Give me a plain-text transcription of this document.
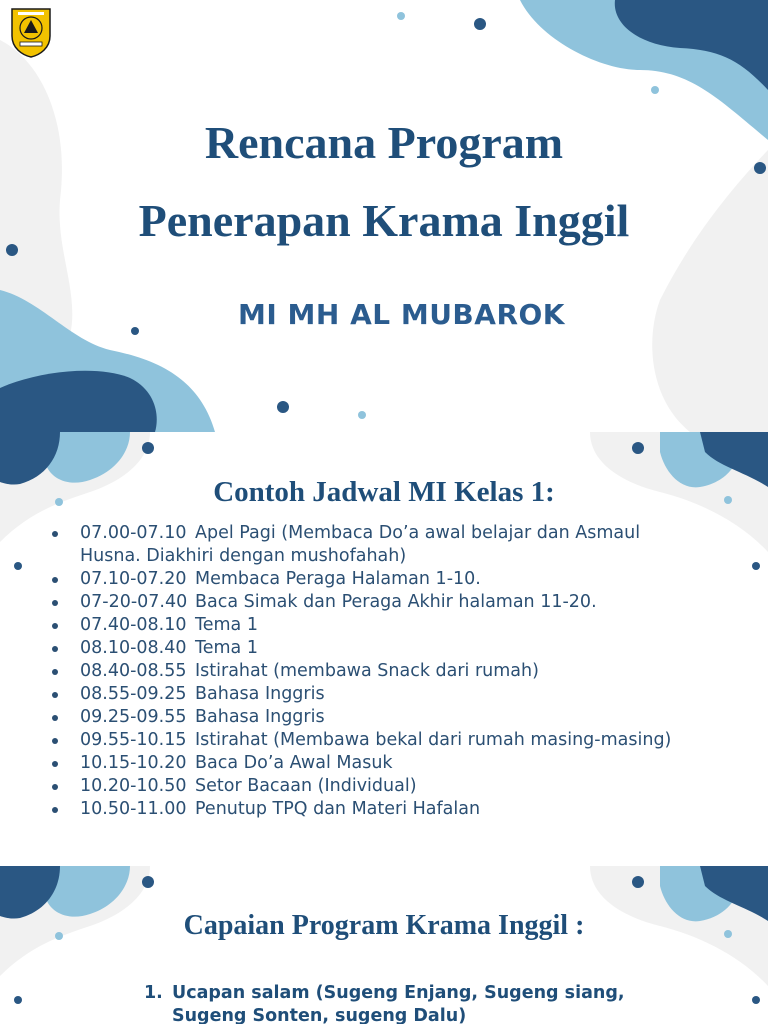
Rencana Program
Penerapan Krama Inggil
MI MH AL MUBAROK
Contoh Jadwal MI Kelas 1:
07.00-07.10 Apel Pagi (Membaca Do’a awal belajar dan Asmaul
Husna. Diakhiri dengan mushofahah)
07.10-07.20 Membaca Peraga Halaman 1-10.
07-20-07.40 Baca Simak dan Peraga Akhir halaman 11-20.
07.40-08.10 Tema 1
08.10-08.40 Tema 1
08.40-08.55 Istirahat (membawa Snack dari rumah)
08.55-09.25 Bahasa Inggris
09.25-09.55 Bahasa Inggris
09.55-10.15 Istirahat (Membawa bekal dari rumah masing-masing)
10.15-10.20 Baca Do’a Awal Masuk
10.20-10.50 Setor Bacaan (Individual)
10.50-11.00 Penutup TPQ dan Materi Hafalan
Capaian Program Krama Inggil :
1. Ucapan salam (Sugeng Enjang, Sugeng siang,
Sugeng Sonten, sugeng Dalu)
